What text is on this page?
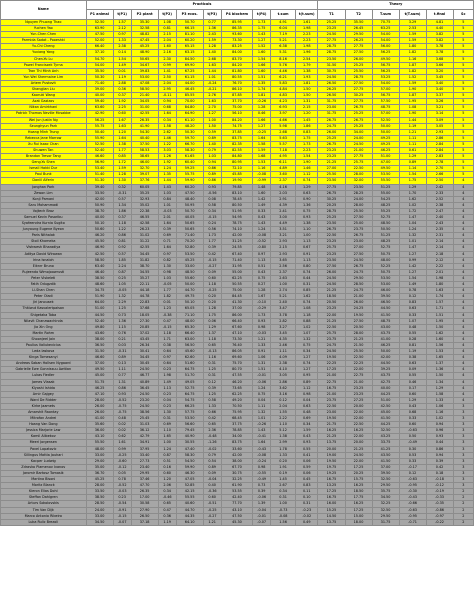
Name	Practicals										Theory					
	P1 animal	t(P1)	P2 plant	t(P2)	P3 ecos.	t(P3)	P4 biochem	t(P4)	t.sum	t(t.sum)	T1	T2	T.sum	t(T.sum)	t.final	Sc
Nguyen Phuong Thao	52.50	1.57	35.30	1.08	50.70	0.77	85.95	1.73	4.91	1.61	25.25	35.50	70.75	3.29	4.81	5
Yuchen Yao	63.90	2.12	32.58	0.81	66.15	1.36	86.35	1.75	6.04	1.98	23.25	26.45	63.25	2.53	4.40	5
Yun-Chen Chen	47.50	0.97	48.82	2.15	81.10	2.43	93.60	1.43	7.19	2.23	24.50	29.50	54.00	1.59	3.82	5
Parmida Sadat - Pooeshki	52.00	1.33	47.45	2.04	60.20	1.59	73.30	1.27	5.21	2.23	27.75	26.25	54.00	1.59	3.82	5
Yu-Chi Cheng	66.40	2.38	45.25	1.60	65.15	1.28	83.25	1.52	6.38	1.98	28.75	27.75	56.00	1.80	3.78	5
Yuxiang Yang	37.10	0.14	48.90	2.16	63.15	1.40	84.00	1.60	5.31	1.96	28.75	27.50	56.25	1.82	3.78	5
Chen-Yu Lu	54.70	1.54	50.65	2.30	84.50	2.68	83.70	1.54	8.16	2.54	23.50	26.00	49.50	1.16	3.68	5
Pawel Franciszek Tyrna	54.00	1.49	34.67	0.99	69.90	1.63	84.20	1.66	5.76	1.79	31.50	25.25	56.75	1.87	3.66	5
Tran Thi Minh Anh	35.50	0.01	39.83	1.41	67.25	1.44	81.80	1.60	4.46	1.38	30.75	25.50	56.25	1.82	3.20	5
Yun Wei Shermaine Lim	50.30	1.19	53.00	2.50	61.15	1.01	80.55	1.51	6.21	1.93	24.50	28.75	53.25	1.52	3.45	5
Artem Pustovit	71.40	2.88	47.08	2.04	44.00	-0.24	76.70	1.35	5.83	1.81	26.50	27.50	54.00	1.59	3.40	5
Shangjian Liu	39.00	0.36	58.50	2.95	46.45	-0.21	86.10	1.74	4.84	1.50	26.25	27.75	57.00	1.90	3.40	5
Kaoruki Wang	40.00	0.37	21.40	-0.11	85.55	2.76	87.85	1.81	4.83	1.50	26.50	30.25	56.75	1.87	3.37	5
Azat Gazizov	59.40	1.92	34.05	0.94	70.00	1.63	37.70	-0.26	4.23	1.31	31.75	27.75	57.50	1.95	3.26	5
Nikan Amirkhani	63.60	2.25	31.00	0.68	84.80	2.70	75.00	1.28	6.93	2.15	23.00	26.75	48.75	1.08	3.21	5
Patrick Thomas Neville Mcsabbe	42.90	0.60	42.55	1.64	64.90	1.27	56.10	0.46	3.97	1.20	31.75	25.25	57.00	1.90	3.14	5
Wei Jun Justin Ng	56.25	1.67	26.35	0.34	61.10	1.00	84.20	1.66	4.66	1.45	26.75	26.75	52.50	1.44	3.09	5
Seunghyun Park	55.75	1.63	41.90	1.58	48.20	1.50	74.75	1.27	5.98	1.86	24.75	25.25	50.00	1.19	3.05	5
Hoang Minh Trung	50.40	1.20	54.30	2.62	50.30	0.59	37.85	-0.25	2.68	0.83	26.00	34.00	50.00	1.21	2.93	5
Rebecca Jane Marrow	55.90	1.64	40.40	1.46	59.70	0.89	83.75	1.64	5.63	1.75	25.25	24.00	49.25	1.11	2.86	5
Xu Rui Isaac Chan	52.50	1.38	37.50	1.22	66.70	1.40	82.35	1.58	5.57	1.73	26.75	24.50	49.25	1.11	2.84	5
Shuwen Tan	52.40	1.77	58.53	3.03	58.30	0.79	82.55	1.59	7.18	2.23	23.25	21.00	46.25	0.61	2.84	5
Brandon Trevor Tang	46.60	0.85	38.65	1.26	61.65	1.03	84.80	1.68	4.95	1.54	23.25	27.75	51.00	1.29	2.83	5
Geng-Yu Shen	56.90	1.72	46.00	1.92	60.40	0.94	80.95	1.53	6.11	1.90	21.25	25.75	47.00	0.89	2.78	5
Ismail Hakki Dur	53.40	1.59	32.70	1.24	59.25	0.86	72.10	1.16	4.89	1.46	27.00	22.50	49.50	1.14	2.70	5
Paul Bunk	51.40	1.28	39.07	1.35	55.75	0.89	45.85	-0.08	3.60	1.12	25.50	28.00	53.50	1.54	2.66	5
Daniil Alferin	51.30	1.30	37.76	1.44	59.90	0.86	19.90	-0.99	2.37	0.74	23.50	32.00	55.50	1.75	2.50	4
Jonghan Park	39.40	0.32	60.05	1.43	60.20	0.93	79.85	1.48	4.16	1.29	27.75	23.50	51.25	1.29	2.42	4
Zewon Lim	33.50	-0.31	35.25	1.03	47.50	-0.56	83.10	1.60	2.03	0.63	26.75	28.25	55.00	1.70	2.33	4
Konji Pamani	42.00	0.57	32.93	0.84	48.40	0.08	78.45	1.42	2.91	0.90	30.25	24.00	54.25	1.62	2.52	4
Saru Mohammadi	50.90	1.34	35.02	1.01	50.95	0.58	80.50	1.49	4.39	1.36	20.25	28.00	48.25	1.02	2.38	4
Vojtech Broz	38.70	1.86	22.38	-0.03	50.70	0.34	51.95	0.33	2.41	0.75	28.75	25.50	55.25	1.72	2.47	4
Samuel Kevin Pasaribu	40.00	0.37	46.55	2.01	40.05	-0.15	54.95	0.43	3.00	0.93	25.25	27.50	52.75	1.47	2.40	4
Syafeendra Kurnia Sugito	50.10	1.18	42.58	1.64	50.65	0.24	78.75	1.43	4.49	1.38	23.50	25.00	48.50	1.04	2.43	4
Junyoung Eugene Byeon	50.60	1.22	26.23	0.39	50.65	0.56	74.10	1.24	3.51	1.10	26.75	23.75	50.50	1.24	2.35	4
Paris Nithalak	46.20	0.86	31.02	0.69	71.40	1.73	42.00	-0.08	3.21	1.00	22.50	26.75	51.25	1.32	2.31	4
Stoil Khomeka	45.50	0.81	31.22	0.71	70.20	1.77	31.25	-0.52	2.93	1.13	23.25	23.00	48.25	1.01	2.14	4
Vishwesh Bharadiya	46.90	0.92	42.55	1.64	52.80	0.39	24.55	-0.80	2.15	0.67	25.75	27.00	52.75	1.47	2.14	4
Aditya David Wirawan	42.50	0.57	34.45	0.97	53.50	0.42	67.40	0.97	2.93	0.91	23.25	27.50	50.75	1.27	2.18	4
Irina Isnaloh	58.50	1.85	31.82	0.82	45.25	-0.15	71.40	1.13	3.65	1.13	23.50	24.50	48.00	0.99	2.12	4
Eiknrr Bruno	63.40	2.24	38.70	1.30	33.00	-0.27	31.95	0.51	2.56	0.80	27.50	26.75	52.25	1.42	2.22	4
Rujeendo Wimojoowrusti	46.40	0.87	34.55	0.98	48.50	0.09	55.00	0.43	2.37	0.74	26.00	24.75	50.75	1.27	2.01	4
Peter Viskeleti	38.50	0.25	35.27	1.03	55.60	0.60	62.25	0.75	2.63	0.44	24.50	29.50	53.50	1.54	1.98	4
Fatih Odugzdik	48.60	1.05	22.11	-0.05	50.00	1.18	50.55	0.27	1.00	0.31	24.50	28.50	53.00	1.49	1.80	4
Li-Shan Chen	34.75	-0.05	44.18	1.77	44.70	-0.25	75.00	1.28	2.74	0.85	21.25	24.75	46.00	0.78	1.63	4
Peter Oladi	51.90	1.32	44.78	1.82	49.75	0.20	84.45	1.67	5.21	1.62	18.50	21.00	39.50	0.12	1.74	4
Jiri Janousek	64.00	2.29	22.83	0.01	50.10	0.20	41.30	-0.10	2.40	0.74	20.50	26.00	46.50	0.83	1.57	4
Thitiwut Kasvalertpaisan	51.00	1.25	37.68	1.23	65.05	1.28	37.00	-0.29	3.47	1.08	23.25	24.25	44.50	0.63	1.71	4
Shigetaka Toba	44.50	0.73	18.05	-0.38	71.10	1.75	86.00	1.73	3.78	1.18	22.00	19.50	41.50	0.33	1.51	4
Nilavit Chanawachinda	52.40	1.36	27.30	0.47	48.00	0.06	66.40	0.93	2.82	0.88	21.25	27.50	48.75	1.07	1.95	4
Jia Xin Ong	49.80	1.15	20.85	-0.15	65.30	1.29	67.60	0.98	3.27	1.02	22.50	20.50	43.00	0.48	1.50	4
Martin Rohm	43.60	0.76	37.02	1.18	66.40	1.37	47.10	-0.03	3.45	1.07	25.75	28.00	43.75	0.55	1.62	4
Shoonjeel Jain	38.00	0.21	43.45	1.71	63.00	1.18	73.30	1.21	4.35	1.32	23.75	21.25	41.00	0.28	1.60	4
Paulius Valiukevicius	36.50	0.03	26.34	0.38	56.50	0.65	76.40	1.33	2.46	0.75	24.75	21.50	46.25	0.81	1.56	4
Leda Iaskova	31.50	-0.31	30.41	0.64	45.60	-0.13	86.05	0.91	1.11	0.34	24.50	25.50	50.00	1.19	1.53	4
Kinga Tomesanyi	46.60	0.89	34.45	0.97	62.60	1.16	69.60	1.06	4.09	1.27	19.50	22.50	42.00	0.38	1.65	4
Andreas Saban Hollsen Nygaard	37.00	0.13	30.45	0.64	51.60	0.31	75.70	1.31	2.38	0.74	22.25	22.25	44.50	0.63	1.37	4
Gabrielle Ewe Gonnissuu Awitian	49.50	1.11	24.50	0.23	64.75	1.25	80.70	1.51	4.10	1.27	17.25	22.00	39.25	0.09	1.36	4
Lukas Fiedler	45.00	0.77	46.77	1.98	51.70	0.31	47.55	-0.01	3.05	0.95	21.00	22.75	43.75	0.55	1.50	4
James Vlasak	51.75	1.31	40.89	1.49	49.05	0.12	46.20	-0.06	2.86	0.89	22.75	21.00	42.75	0.46	1.34	4
Klyoshi Ishida	46.25	0.86	36.45	1.13	52.75	0.39	73.65	1.24	3.62	1.12	16.75	23.25	40.00	0.17	1.29	4
Arnir Gajgey	47.10	0.93	24.50	0.23	64.75	1.25	62.25	0.75	3.16	0.98	21.00	23.25	44.25	0.60	1.58	4
Ward De Ridder	28.00	-0.52	23.20	0.04	54.75	0.58	49.20	0.04	0.12	0.04	23.75	27.25	51.00	1.29	1.33	4
Kirke Jaamets	26.00	-0.75	24.50	0.23	66.25	1.33	70.50	1.11	2.04	0.63	22.50	20.00	42.50	0.43	1.06	3
Amarshit Raontay	26.00	-0.75	38.56	1.30	57.75	0.66	75.95	1.32	1.55	0.48	23.00	22.00	45.00	0.68	1.16	3
Mitrofan Andrei	41.00	0.48	25.45	0.31	53.50	0.42	68.45	1.01	2.22	0.69	19.50	22.00	41.50	0.33	1.02	3
Hoang Van Dong	35.60	0.02	31.03	0.69	56.60	0.65	37.75	-0.26	1.10	0.34	21.75	22.50	44.25	0.60	0.94	3
Jessica Marjorie Law	36.00	0.02	36.12	1.10	79.45	2.36	78.85	1.43	5.12	1.59	16.25	16.25	32.50	-0.63	0.96	3
Kamil Alibekov	43.10	0.62	42.79	1.65	40.90	-0.48	34.00	-0.41	1.38	0.43	21.25	22.00	43.25	0.50	0.93	3
Meeri Jorgensen	55.50	1.61	34.91	1.00	30.55	-1.26	83.75	1.64	2.99	0.93	13.75	20.00	33.75	-0.49	0.44	3
Pavel Lopatovic	48.00	0.99	37.95	1.24	47.40	-0.02	33.60	-0.43	1.78	0.55	20.00	21.25	41.25	0.30	0.86	3
Sillingus Mattia Jauhari	33.00	-0.25	33.40	0.87	58.30	0.79	42.00	-0.08	1.33	0.41	19.00	24.50	43.50	0.53	0.94	3
Kacper Ludwig	29.00	-0.60	27.73	0.51	54.50	0.54	38.00	-0.24	0.20	0.06	19.50	22.00	41.50	0.33	0.39	3
Zdravko Plamenov Ivanov	35.00	-0.12	23.40	0.16	59.90	0.89	67.70	0.98	1.91	0.59	19.75	17.25	37.00	-0.17	0.42	3
Jaromir Bartosz Tomasik	36.70	0.05	29.95	0.60	46.30	0.09	30.75	-0.55	0.19	0.06	19.25	20.25	39.50	0.12	0.18	3
Martina Bisoni	45.25	0.78	37.46	1.20	47.05	-0.04	32.25	-0.49	1.45	0.45	16.75	15.75	32.50	-0.63	-0.18	3
Moritz Blanck	28.00	-0.52	47.70	2.06	52.85	0.40	61.90	0.73	2.67	0.83	13.25	16.25	29.50	-0.95	-0.12	3
Kieron Elias Dohl	33.50	-0.03	26.35	0.34	42.15	-0.36	53.55	0.39	0.34	0.11	17.25	18.50	35.75	-0.30	-0.19	2
Steffan Dahlgren	38.50	0.23	17.00	-0.46	55.55	0.60	42.40	-0.06	0.31	0.10	16.75	17.75	34.50	-0.43	-0.33	2
Arturs Sokolovskis	28.50	-0.54	30.58	0.65	40.60	-0.51	77.70	1.39	1.00	0.31	16.00	16.25	32.25	-0.66	-0.35	2
Tim Van Dijk	24.00	-0.91	27.90	0.47	44.70	-0.25	43.10	-0.04	-0.73	-0.23	15.25	17.25	32.50	-0.63	-0.86	2
Marco Antonio Ribeiro	33.00	-0.15	26.50	0.36	44.35	-0.27	47.50	-0.01	-0.08	-0.02	14.50	15.00	29.50	-0.95	-0.97	2
Luka Rulic Brezoli	34.50	-0.07	37.18	1.19	64.10	1.21	45.30	-0.07	1.56	0.49	13.75	18.00	31.75	-0.71	-0.22	2
